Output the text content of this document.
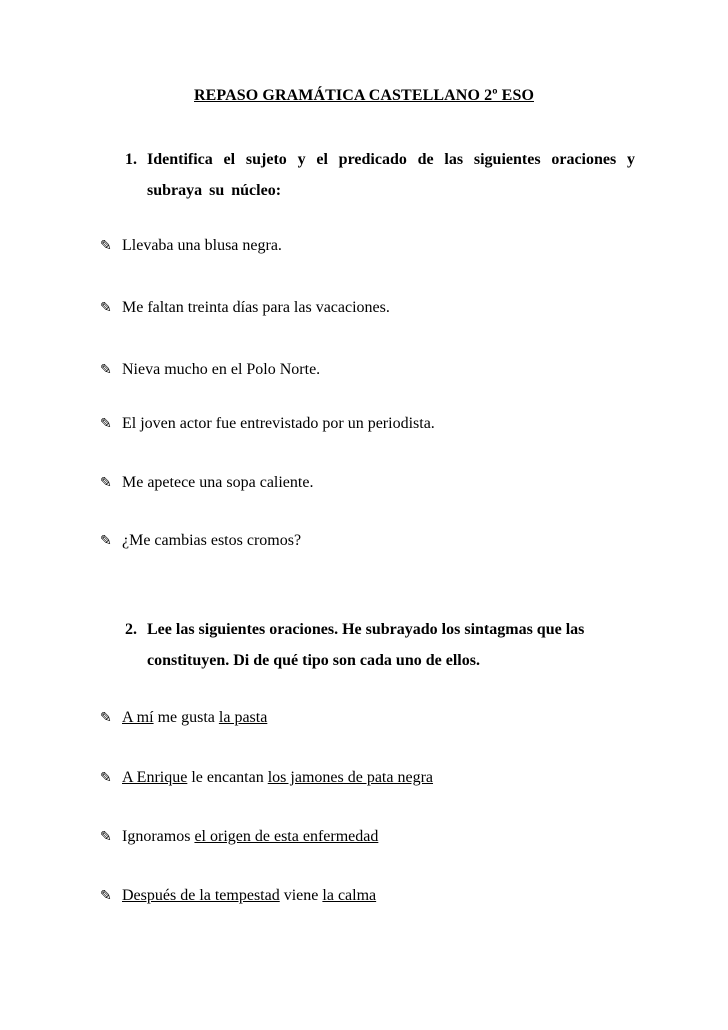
REPASO GRAMÁTICA CASTELLANO 2º ESO
1. Identifica el sujeto y el predicado de las siguientes oraciones y subraya su núcleo:
✎ Llevaba una blusa negra.
✎ Me faltan treinta días para las vacaciones.
✎ Nieva mucho en el Polo Norte.
✎ El joven actor fue entrevistado por un periodista.
✎ Me apetece una sopa caliente.
✎ ¿Me cambias estos cromos?
2. Lee las siguientes oraciones. He subrayado los sintagmas que las constituyen. Di de qué tipo son cada uno de ellos.
✎ A mí me gusta la pasta
✎ A Enrique le encantan los jamones de pata negra
✎ Ignoramos el origen de esta enfermedad
✎ Después de la tempestad viene la calma
